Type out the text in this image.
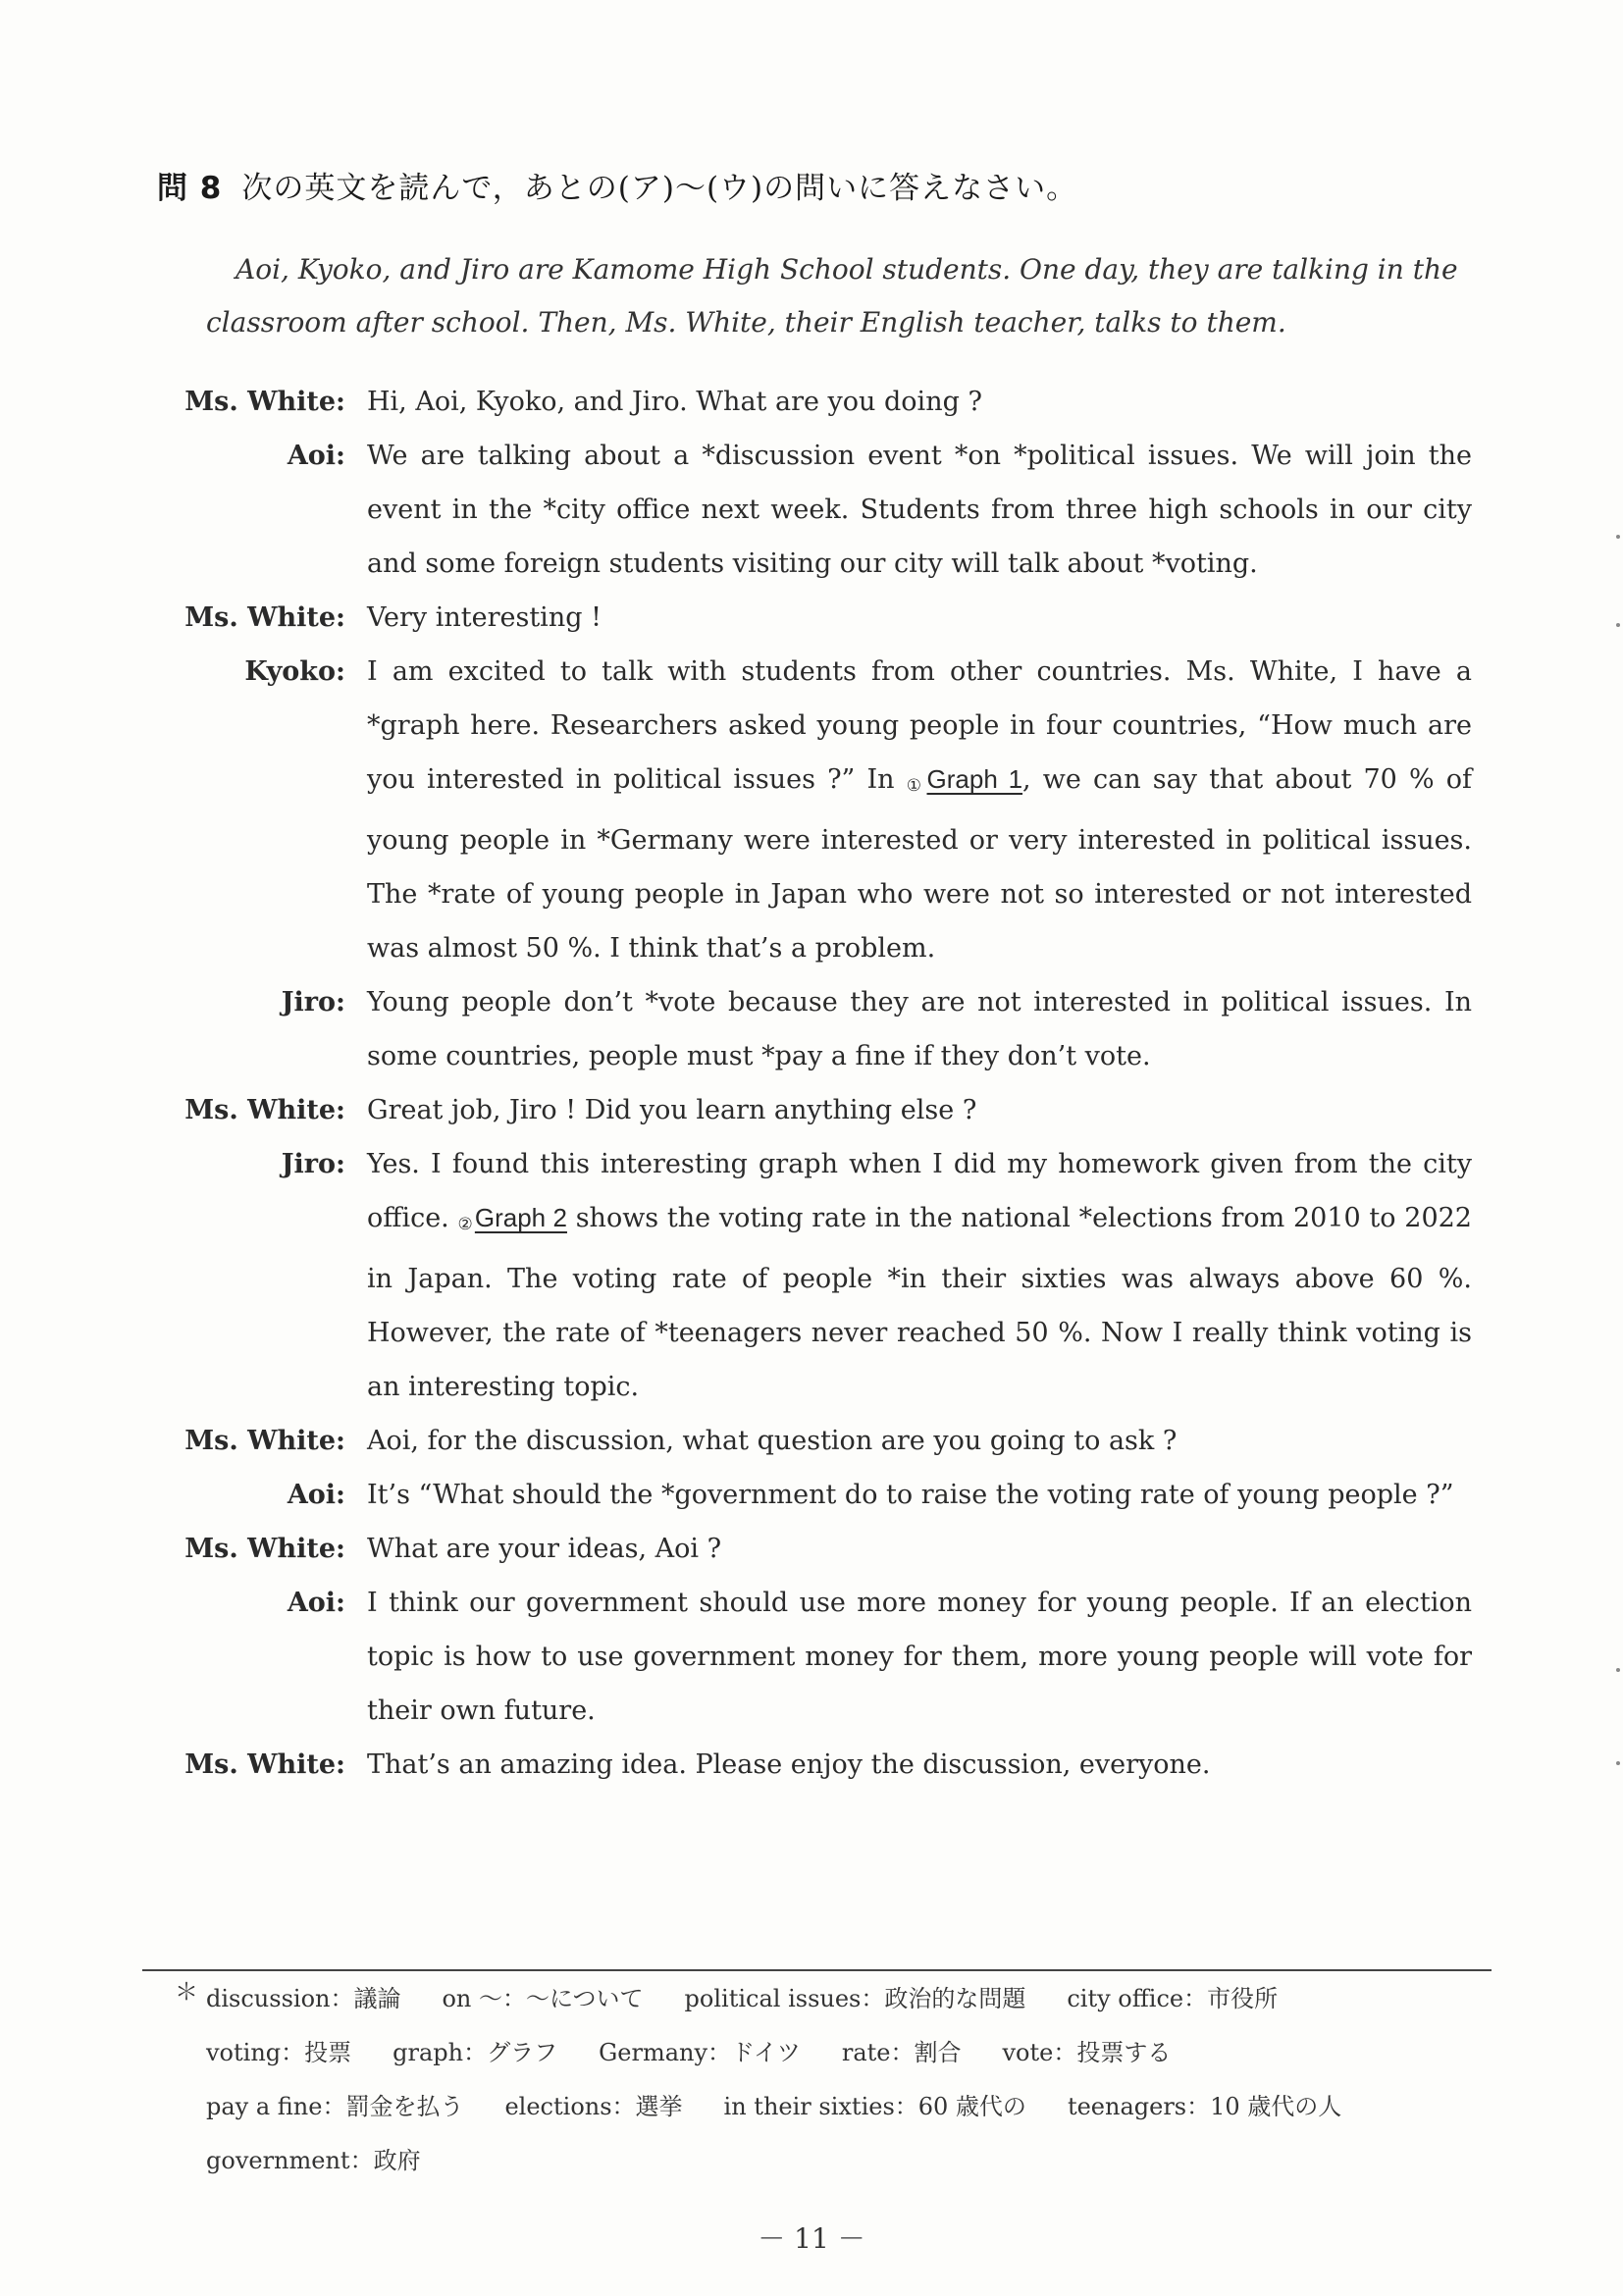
問 8 次の英文を読んで，あとの(ア)～(ウ)の問いに答えなさい。

Aoi, Kyoko, and Jiro are Kamome High School students. One day, they are talking in the classroom after school. Then, Ms. White, their English teacher, talks to them.

Ms. White: Hi, Aoi, Kyoko, and Jiro. What are you doing ?
Aoi: We are talking about a *discussion event *on *political issues. We will join the event in the *city office next week. Students from three high schools in our city and some foreign students visiting our city will talk about *voting.
Ms. White: Very interesting !
Kyoko: I am excited to talk with students from other countries. Ms. White, I have a *graph here. Researchers asked young people in four countries, “How much are you interested in political issues ?” In ①Graph 1, we can say that about 70 % of young people in *Germany were interested or very interested in political issues. The *rate of young people in Japan who were not so interested or not interested was almost 50 %. I think that’s a problem.
Jiro: Young people don’t *vote because they are not interested in political issues. In some countries, people must *pay a fine if they don’t vote.
Ms. White: Great job, Jiro ! Did you learn anything else ?
Jiro: Yes. I found this interesting graph when I did my homework given from the city office. ②Graph 2 shows the voting rate in the national *elections from 2010 to 2022 in Japan. The voting rate of people *in their sixties was always above 60 %. However, the rate of *teenagers never reached 50 %. Now I really think voting is an interesting topic.
Ms. White: Aoi, for the discussion, what question are you going to ask ?
Aoi: It’s “What should the *government do to raise the voting rate of young people ?”
Ms. White: What are your ideas, Aoi ?
Aoi: I think our government should use more money for young people. If an election topic is how to use government money for them, more young people will vote for their own future.
Ms. White: That’s an amazing idea. Please enjoy the discussion, everyone.
＊ discussion：議論 on ～：～について political issues：政治的な問題 city office：市役所
voting：投票 graph：グラフ Germany：ドイツ rate：割合 vote：投票する
pay a fine：罰金を払う elections：選挙 in their sixties：60 歳代の teenagers：10 歳代の人
government：政府
－ 11 －
